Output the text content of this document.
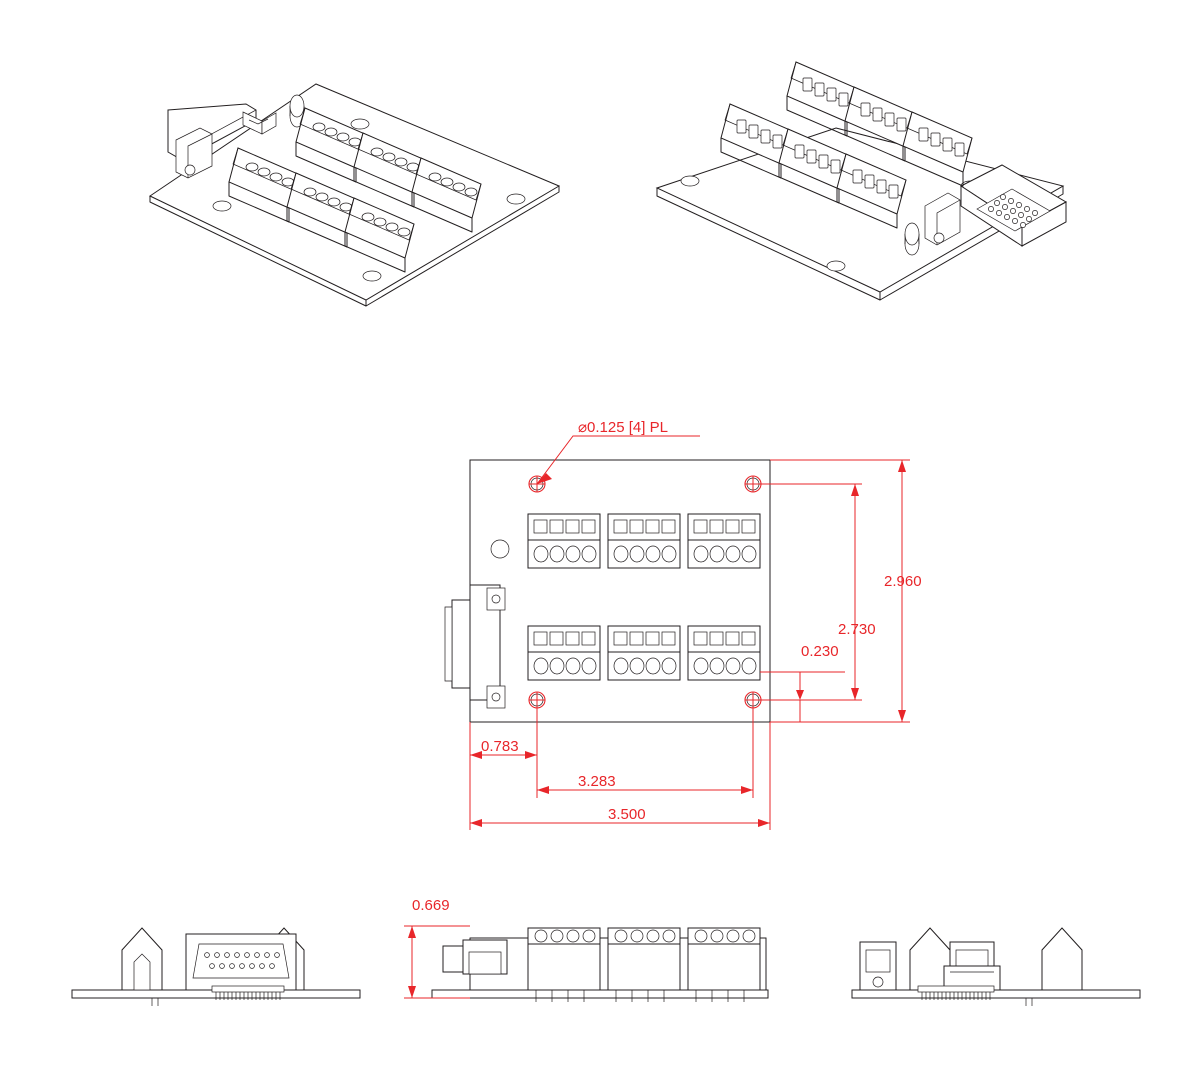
⌀0.125 [4] PL
2.960
2.730
0.230
0.783
3.283
3.500
0.669
